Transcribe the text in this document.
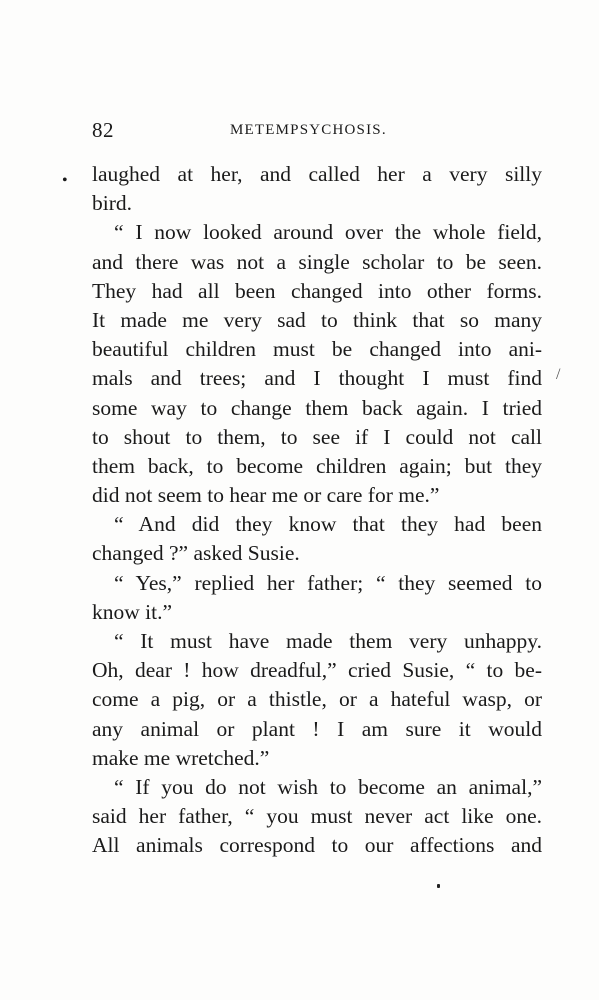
82	METEMPSYCHOSIS.
•
/
laughed at her, and called her a very silly
bird.
“ I now looked around over the whole field,
and there was not a single scholar to be seen.
They had all been changed into other forms.
It made me very sad to think that so many
beautiful children must be changed into ani-
mals and trees; and I thought I must find
some way to change them back again. I tried
to shout to them, to see if I could not call
them back, to become children again; but they
did not seem to hear me or care for me.”
“ And did they know that they had been
changed ?” asked Susie.
“ Yes,” replied her father; “ they seemed to
know it.”
“ It must have made them very unhappy.
Oh, dear ! how dreadful,” cried Susie, “ to be-
come a pig, or a thistle, or a hateful wasp, or
any animal or plant ! I am sure it would
make me wretched.”
“ If you do not wish to become an animal,”
said her father, “ you must never act like one.
All animals correspond to our affections and
